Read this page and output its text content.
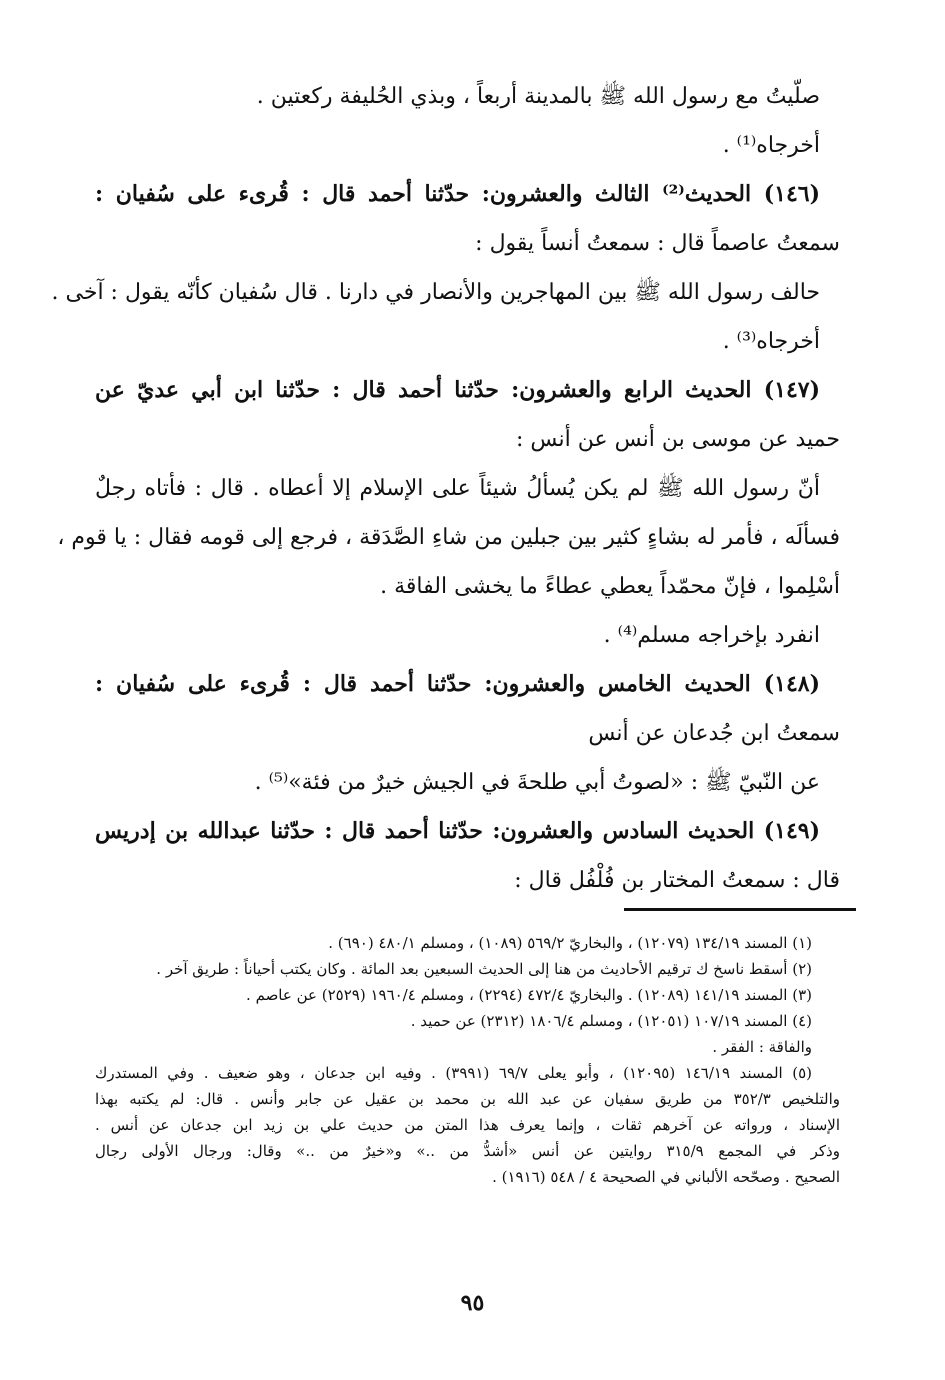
صلّيتُ مع رسول الله ﷺ بالمدينة أربعاً ، وبذي الحُليفة ركعتين .
أخرجاه⁽¹⁾ .
(١٤٦) الحديث⁽²⁾ الثالث والعشرون: حدّثنا أحمد قال : قُرىء على سُفيان :
سمعتُ عاصماً قال : سمعتُ أنساً يقول :
حالف رسول الله ﷺ بين المهاجرين والأنصار في دارنا . قال سُفيان كأنّه يقول : آخى .
أخرجاه⁽³⁾ .
(١٤٧) الحديث الرابع والعشرون: حدّثنا أحمد قال : حدّثنا ابن أبي عديّ عن
حميد عن موسى بن أنس عن أنس :
أنّ رسول الله ﷺ لم يكن يُسألُ شيئاً على الإسلام إلا أعطاه . قال : فأتاه رجلٌ
فسألَه ، فأمر له بشاءٍ كثير بين جبلين من شاءِ الصَّدَقة ، فرجع إلى قومه فقال : يا قوم ،
أسْلِموا ، فإنّ محمّداً يعطي عطاءً ما يخشى الفاقة .
انفرد بإخراجه مسلم⁽⁴⁾ .
(١٤٨) الحديث الخامس والعشرون: حدّثنا أحمد قال : قُرىء على سُفيان :
سمعتُ ابن جُدعان عن أنس
عن النّبيّ ﷺ : «لصوتُ أبي طلحةَ في الجيش خيرٌ من فئة»⁽⁵⁾ .
(١٤٩) الحديث السادس والعشرون: حدّثنا أحمد قال : حدّثنا عبدالله بن إدريس
قال : سمعتُ المختار بن فُلْفُل قال :
(١) المسند ١٣٤/١٩ (١٢٠٧٩) ، والبخاريّ ٥٦٩/٢ (١٠٨٩) ، ومسلم ٤٨٠/١ (٦٩٠) .
(٢) أسقط ناسخ ك ترقيم الأحاديث من هنا إلى الحديث السبعين بعد المائة . وكان يكتب أحياناً : طريق آخر .
(٣) المسند ١٤١/١٩ (١٢٠٨٩) . والبخاريّ ٤٧٢/٤ (٢٢٩٤) ، ومسلم ١٩٦٠/٤ (٢٥٢٩) عن عاصم .
(٤) المسند ١٠٧/١٩ (١٢٠٥١) ، ومسلم ١٨٠٦/٤ (٢٣١٢) عن حميد .
والفاقة : الفقر .
(٥) المسند ١٤٦/١٩ (١٢٠٩٥) ، وأبو يعلى ٦٩/٧ (٣٩٩١) . وفيه ابن جدعان ، وهو ضعيف . وفي المستدرك
والتلخيص ٣٥٢/٣ من طريق سفيان عن عبد الله بن محمد بن عقيل عن جابر وأنس . قال: لم يكتبه بهذا
الإسناد ، ورواته عن آخرهم ثقات ، وإنما يعرف هذا المتن من حديث علي بن زيد ابن جدعان عن أنس .
وذكر في المجمع ٣١٥/٩ روايتين عن أنس «أشدُّ من ..» و«خيرٌ من ..» وقال: ورجال الأولى رجال
الصحيح . وصحّحه الألباني في الصحيحة ٤ / ٥٤٨ (١٩١٦) .
٩٥
